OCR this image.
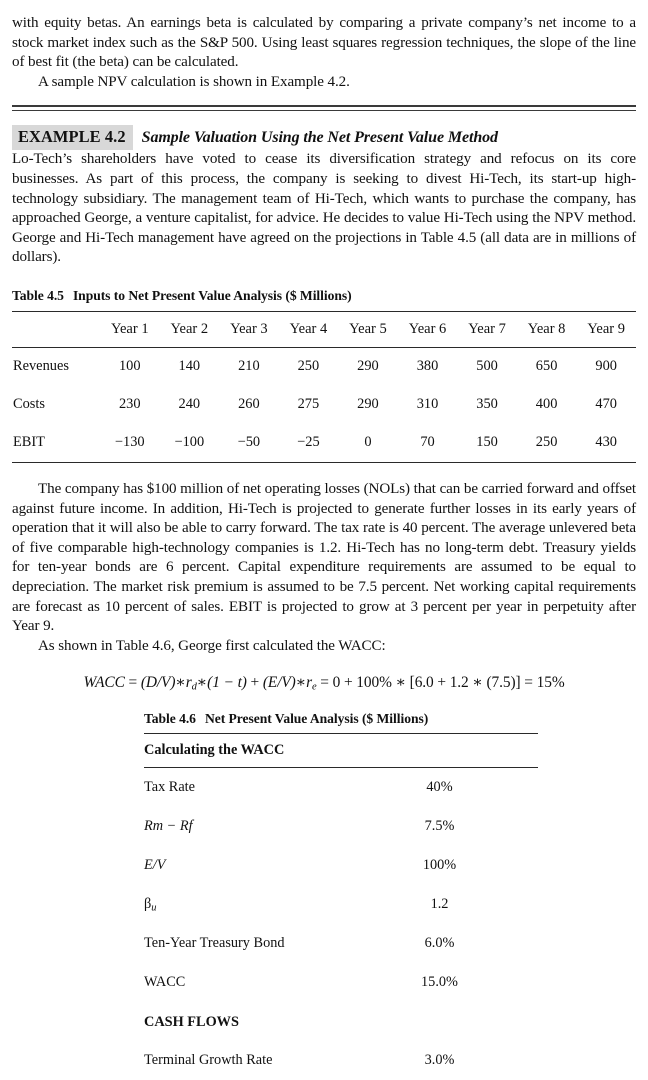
with equity betas. An earnings beta is calculated by comparing a private company’s net income to a stock market index such as the S&P 500. Using least squares regression techniques, the slope of the line of best fit (the beta) can be calculated.

A sample NPV calculation is shown in Example 4.2.

EXAMPLE 4.2	Sample Valuation Using the Net Present Value Method

Lo-Tech’s shareholders have voted to cease its diversification strategy and refocus on its core businesses. As part of this process, the company is seeking to divest Hi-Tech, its start-up high-technology subsidiary. The management team of Hi-Tech, which wants to purchase the company, has approached George, a venture capitalist, for advice. He decides to value Hi-Tech using the NPV method. George and Hi-Tech management have agreed on the projections in Table 4.5 (all data are in millions of dollars).

Table 4.5 Inputs to Net Present Value Analysis ($ Millions)
	Year 1	Year 2	Year 3	Year 4	Year 5	Year 6	Year 7	Year 8	Year 9
Revenues	100	140	210	250	290	380	500	650	900
Costs	230	240	260	275	290	310	350	400	470
EBIT	−130	−100	−50	−25	0	70	150	250	430

The company has $100 million of net operating losses (NOLs) that can be carried forward and offset against future income. In addition, Hi-Tech is projected to generate further losses in its early years of operation that it will also be able to carry forward. The tax rate is 40 percent. The average unlevered beta of five comparable high-technology companies is 1.2. Hi-Tech has no long-term debt. Treasury yields for ten-year bonds are 6 percent. Capital expenditure requirements are assumed to be equal to depreciation. The market risk premium is assumed to be 7.5 percent. Net working capital requirements are forecast as 10 percent of sales. EBIT is projected to grow at 3 percent per year in perpetuity after Year 9.

As shown in Table 4.6, George first calculated the WACC:

WACC = $(D/V)∗r_d∗(1 - t)$ + $(E/V)∗r_e = 0 + 100\%$ ∗ [6.0 + 1.2 ∗ (7.5)] = 15%
Table 4.6 Net Present Value Analysis ($ Millions)
Calculating the WACC	
Tax Rate	40%
Rm − Rf	7.5%
E/V	100%
βu	1.2
Ten-Year Treasury Bond	6.0%
WACC	15.0%
CASH FLOWS	
Terminal Growth Rate	3.0%
